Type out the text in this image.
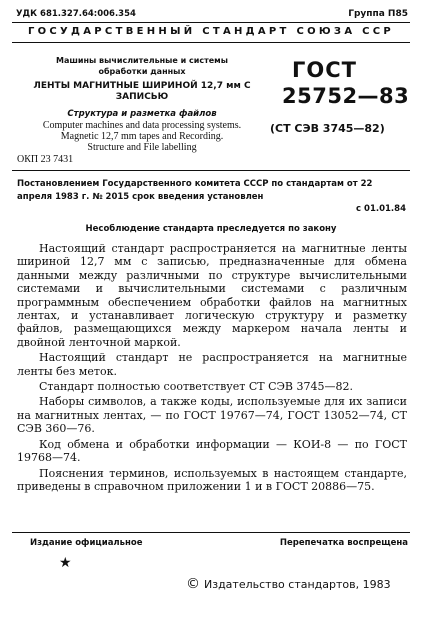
УДК 681.327.64:006.354	Группа П85
ГОСУДАРСТВЕННЫЙ СТАНДАРТ СОЮЗА ССР
Машины вычислительные и системы обработки данных
ЛЕНТЫ МАГНИТНЫЕ ШИРИНОЙ 12,7 мм С ЗАПИСЬЮ
Структура и разметка файлов
Computer machines and data processing systems.
Magnetic 12,7 mm tapes and Recording.
Structure and File labelling
ГОСТ
25752—83
(СТ СЭВ 3745—82)
ОКП 23 7431
Постановлением Государственного комитета СССР по стандартам от 22 апреля 1983 г. № 2015 срок введения установлен
с 01.01.84
Несоблюдение стандарта преследуется по закону

Настоящий стандарт распространяется на магнитные ленты шириной 12,7 мм с записью, предназначенные для обмена данными между различными по структуре вычислительными системами и вычислительными системами с различным программным обеспечением обработки файлов на магнитных лентах, и устанавливает логическую структуру и разметку файлов, размещающихся между маркером начала ленты и двойной ленточной маркой.

Настоящий стандарт не распространяется на магнитные ленты без меток.

Стандарт полностью соответствует СТ СЭВ 3745—82.

Наборы символов, а также коды, используемые для их записи на магнитных лентах, — по ГОСТ 19767—74, ГОСТ 13052—74, СТ СЭВ 360—76.

Код обмена и обработки информации — КОИ-8 — по ГОСТ 19768—74.

Пояснения терминов, используемых в настоящем стандарте, приведены в справочном приложении 1 и в ГОСТ 20886—75.

Издание официальное	Перепечатка воспрещена
★
© Издательство стандартов, 1983
